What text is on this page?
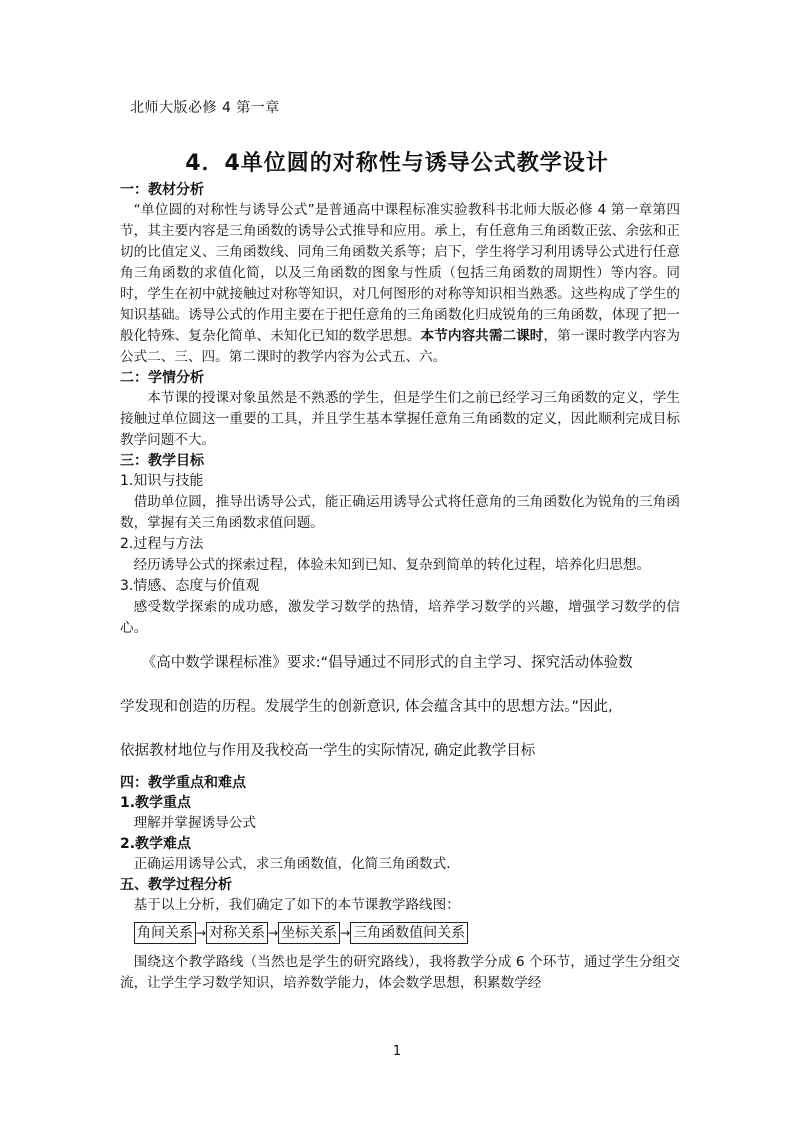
北师大版必修 4 第一章
4．4单位圆的对称性与诱导公式教学设计
一：教材分析

“单位圆的对称性与诱导公式”是普通高中课程标准实验教科书北师大版必修 4 第一章第四节，其主要内容是三角函数的诱导公式推导和应用。承上，有任意角三角函数正弦、余弦和正切的比值定义、三角函数线、同角三角函数关系等；启下，学生将学习利用诱导公式进行任意角三角函数的求值化简，以及三角函数的图象与性质（包括三角函数的周期性）等内容。同时，学生在初中就接触过对称等知识，对几何图形的对称等知识相当熟悉。这些构成了学生的知识基础。诱导公式的作用主要在于把任意角的三角函数化归成锐角的三角函数，体现了把一般化特殊、复杂化简单、未知化已知的数学思想。本节内容共需二课时，第一课时教学内容为公式二、三、四。第二课时的教学内容为公式五、六。

二：学情分析

本节课的授课对象虽然是不熟悉的学生，但是学生们之前已经学习三角函数的定义，学生接触过单位圆这一重要的工具，并且学生基本掌握任意角三角函数的定义，因此顺利完成目标教学问题不大。

三：教学目标
1.知识与技能

借助单位圆，推导出诱导公式，能正确运用诱导公式将任意角的三角函数化为锐角的三角函数，掌握有关三角函数求值问题。

2.过程与方法

经历诱导公式的探索过程，体验未知到已知、复杂到简单的转化过程，培养化归思想。

3.情感、态度与价值观

感受数学探索的成功感，激发学习数学的热情，培养学习数学的兴趣，增强学习数学的信心。

《高中数学课程标准》要求:“倡导通过不同形式的自主学习、探究活动体验数

学发现和创造的历程。发展学生的创新意识, 体会蕴含其中的思想方法。”因此,

依据教材地位与作用及我校高一学生的实际情况, 确定此教学目标

四：教学重点和难点
1.教学重点

理解并掌握诱导公式

2.教学难点

正确运用诱导公式，求三角函数值，化简三角函数式.

五、教学过程分析

基于以上分析，我们确定了如下的本节课教学路线图：

角间关系 → 对称关系 → 坐标关系 → 三角函数值间关系

围绕这个教学路线（当然也是学生的研究路线），我将教学分成 6 个环节，通过学生分组交流，让学生学习数学知识，培养数学能力，体会数学思想，积累数学经

1
